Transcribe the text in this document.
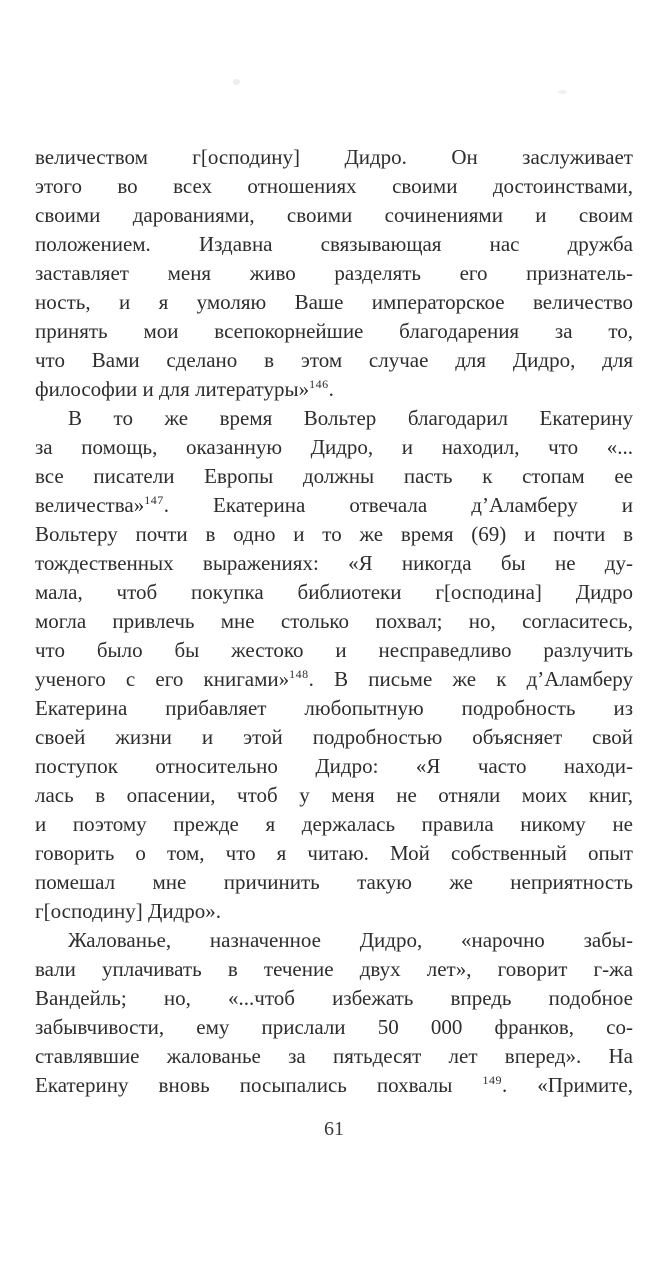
величеством г[осподину] Дидро. Он заслуживает
этого во всех отношениях своими достоинствами,
своими дарованиями, своими сочинениями и своим
положением. Издавна связывающая нас дружба
заставляет меня живо разделять его признатель-
ность, и я умоляю Ваше императорское величество
принять мои всепокорнейшие благодарения за то,
что Вами сделано в этом случае для Дидро, для
философии и для литературы»$^{146}$.
В то же время Вольтер благодарил Екатерину
за помощь, оказанную Дидро, и находил, что «...
все писатели Европы должны пасть к стопам ее
величества»$^{147}$. Екатерина отвечала д’Аламберу и
Вольтеру почти в одно и то же время (69) и почти в
тождественных выражениях: «Я никогда бы не ду-
мала, чтоб покупка библиотеки г[осподина] Дидро
могла привлечь мне столько похвал; но, согласитесь,
что было бы жестоко и несправедливо разлучить
ученого с его книгами»$^{148}$. В письме же к д’Аламберу
Екатерина прибавляет любопытную подробность из
своей жизни и этой подробностью объясняет свой
поступок относительно Дидро: «Я часто находи-
лась в опасении, чтоб у меня не отняли моих книг,
и поэтому прежде я держалась правила никому не
говорить о том, что я читаю. Мой собственный опыт
помешал мне причинить такую же неприятность
г[осподину] Дидро».
Жалованье, назначенное Дидро, «нарочно забы-
вали уплачивать в течение двух лет», говорит г-жа
Вандейль; но, «...чтоб избежать впредь подобное
забывчивости, ему прислали 50 000 франков, со-
ставлявшие жалованье за пятьдесят лет вперед». На
Екатерину вновь посыпались похвалы $^{149}$. «Примите,
61
